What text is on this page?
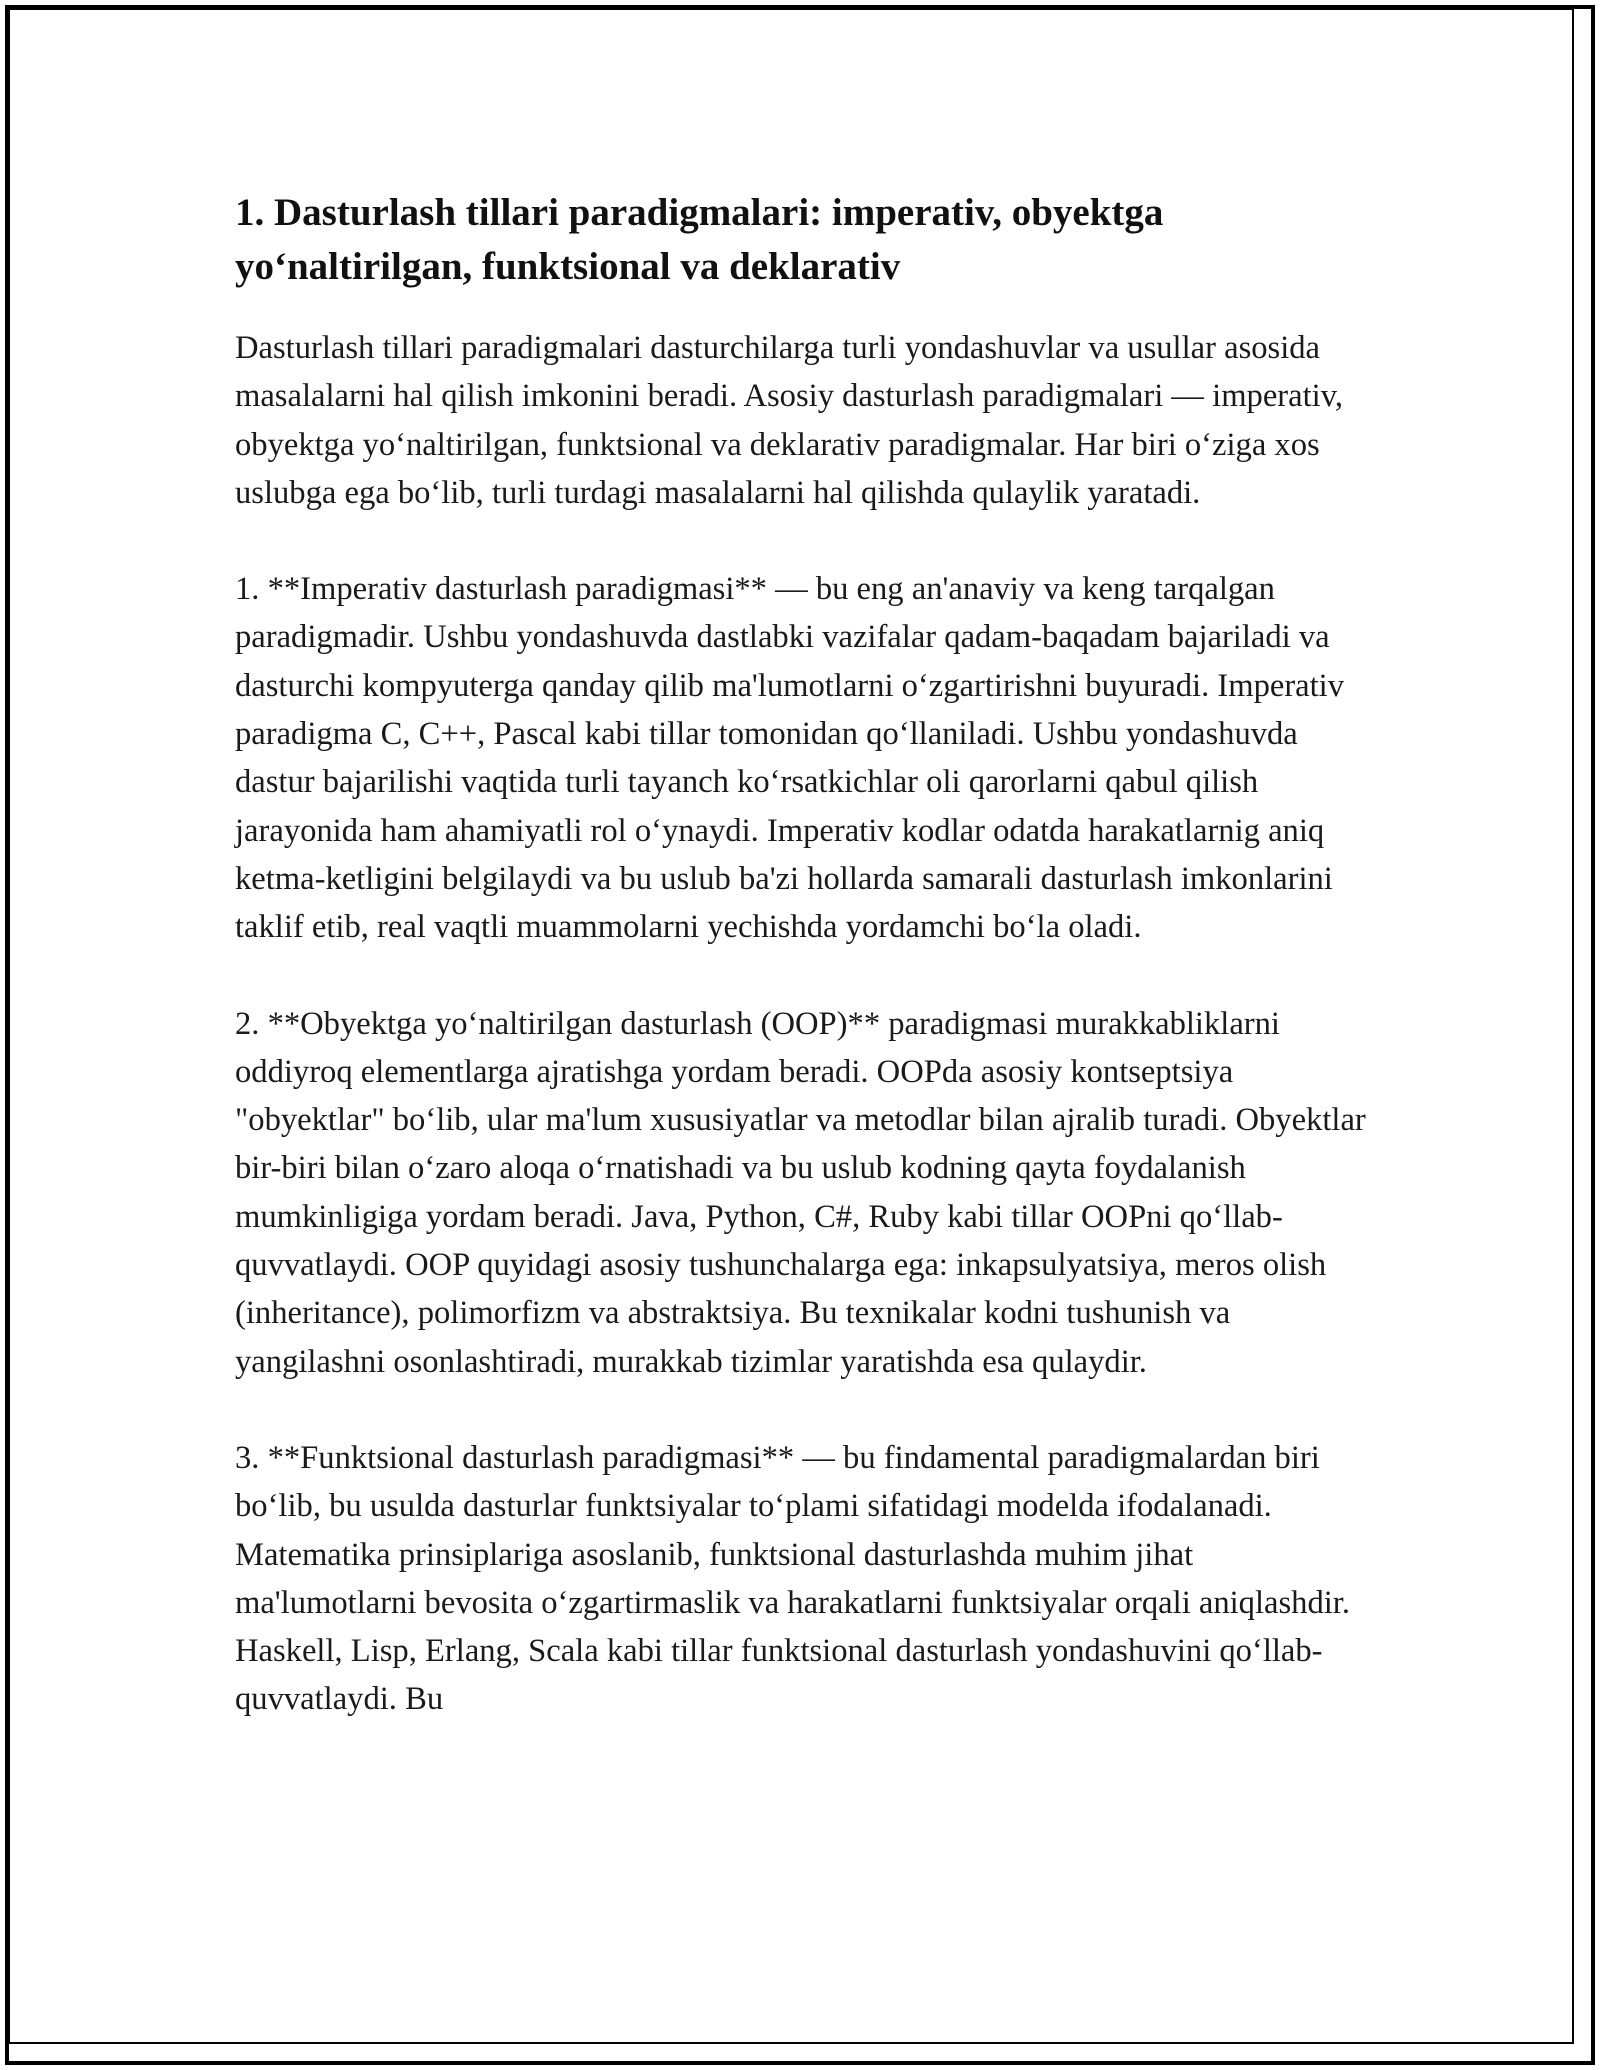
1. Dasturlash tillari paradigmalari: imperativ, obyektga yo‘naltirilgan, funktsional va deklarativ

Dasturlash tillari paradigmalari dasturchilarga turli yondashuvlar va usullar asosida masalalarni hal qilish imkonini beradi. Asosiy dasturlash paradigmalari — imperativ, obyektga yo‘naltirilgan, funktsional va deklarativ paradigmalar. Har biri o‘ziga xos uslubga ega bo‘lib, turli turdagi masalalarni hal qilishda qulaylik yaratadi.

1. **Imperativ dasturlash paradigmasi** — bu eng an'anaviy va keng tarqalgan paradigmadir. Ushbu yondashuvda dastlabki vazifalar qadam-baqadam bajariladi va dasturchi kompyuterga qanday qilib ma'lumotlarni o‘zgartirishni buyuradi. Imperativ paradigma C, C++, Pascal kabi tillar tomonidan qo‘llaniladi. Ushbu yondashuvda dastur bajarilishi vaqtida turli tayanch ko‘rsatkichlar oli qarorlarni qabul qilish jarayonida ham ahamiyatli rol o‘ynaydi. Imperativ kodlar odatda harakatlarnig aniq ketma-ketligini belgilaydi va bu uslub ba'zi hollarda samarali dasturlash imkonlarini taklif etib, real vaqtli muammolarni yechishda yordamchi bo‘la oladi.

2. **Obyektga yo‘naltirilgan dasturlash (OOP)** paradigmasi murakkabliklarni oddiyroq elementlarga ajratishga yordam beradi. OOPda asosiy kontseptsiya "obyektlar" bo‘lib, ular ma'lum xususiyatlar va metodlar bilan ajralib turadi. Obyektlar bir-biri bilan o‘zaro aloqa o‘rnatishadi va bu uslub kodning qayta foydalanish mumkinligiga yordam beradi. Java, Python, C#, Ruby kabi tillar OOPni qo‘llab-quvvatlaydi. OOP quyidagi asosiy tushunchalarga ega: inkapsulyatsiya, meros olish (inheritance), polimorfizm va abstraktsiya. Bu texnikalar kodni tushunish va yangilashni osonlashtiradi, murakkab tizimlar yaratishda esa qulaydir.

3. **Funktsional dasturlash paradigmasi** — bu findamental paradigmalardan biri bo‘lib, bu usulda dasturlar funktsiyalar to‘plami sifatidagi modelda ifodalanadi. Matematika prinsiplariga asoslanib, funktsional dasturlashda muhim jihat ma'lumotlarni bevosita o‘zgartirmaslik va harakatlarni funktsiyalar orqali aniqlashdir. Haskell, Lisp, Erlang, Scala kabi tillar funktsional dasturlash yondashuvini qo‘llab-quvvatlaydi. Bu
